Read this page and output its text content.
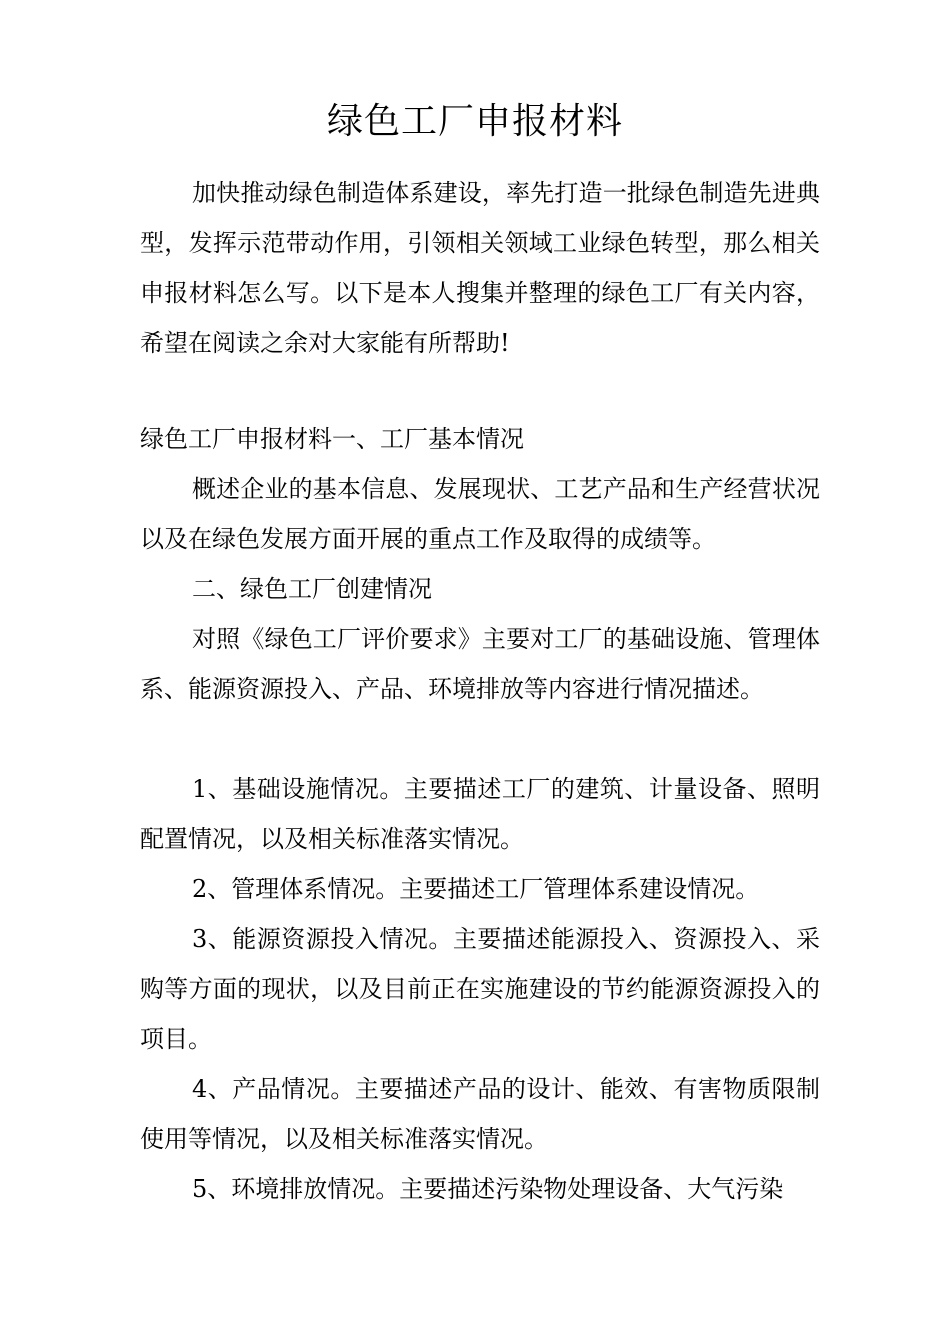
绿色工厂申报材料

加快推动绿色制造体系建设，率先打造一批绿色制造先进典型，发挥示范带动作用，引领相关领域工业绿色转型，那么相关申报材料怎么写。以下是本人搜集并整理的绿色工厂有关内容，希望在阅读之余对大家能有所帮助!

绿色工厂申报材料一、工厂基本情况

概述企业的基本信息、发展现状、工艺产品和生产经营状况以及在绿色发展方面开展的重点工作及取得的成绩等。

二、绿色工厂创建情况

对照《绿色工厂评价要求》主要对工厂的基础设施、管理体系、能源资源投入、产品、环境排放等内容进行情况描述。

1、基础设施情况。主要描述工厂的建筑、计量设备、照明配置情况，以及相关标准落实情况。

2、管理体系情况。主要描述工厂管理体系建设情况。

3、能源资源投入情况。主要描述能源投入、资源投入、采购等方面的现状，以及目前正在实施建设的节约能源资源投入的项目。

4、产品情况。主要描述产品的设计、能效、有害物质限制使用等情况，以及相关标准落实情况。

5、环境排放情况。主要描述污染物处理设备、大气污染
